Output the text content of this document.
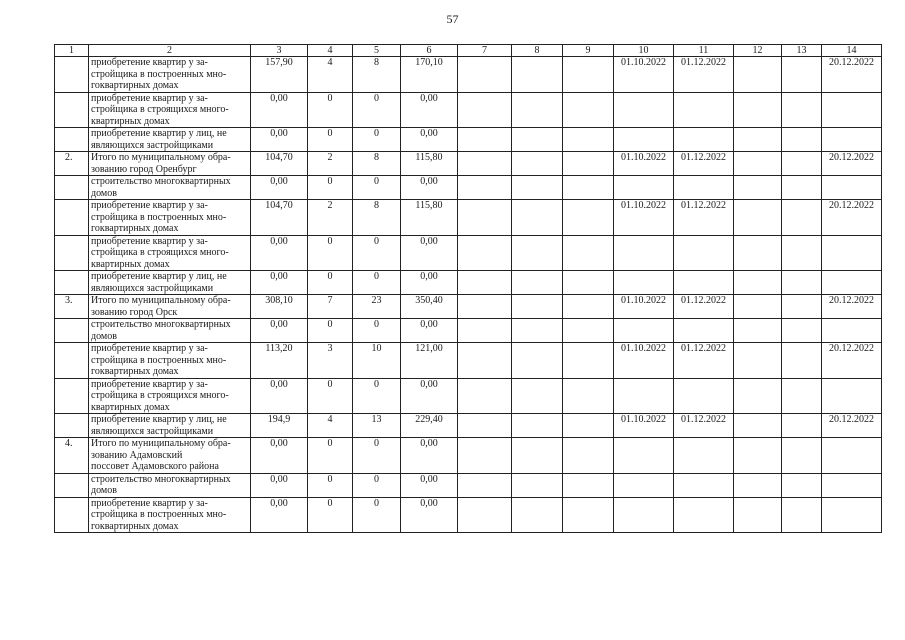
57
1	2	3	4	5	6	7	8	9	10	11	12	13	14
	приобретение квартир у за-
стройщика в построенных мно-
гоквартирных домах	157,90	4	8	170,10				01.10.2022	01.12.2022			20.12.2022
	приобретение квартир у за-
стройщика в строящихся много-
квартирных домах	0,00	0	0	0,00								
	приобретение квартир у лиц, не
являющихся застройщиками	0,00	0	0	0,00								
2.	Итого по муниципальному обра-
зованию город Оренбург	104,70	2	8	115,80				01.10.2022	01.12.2022			20.12.2022
	строительство многоквартирных
домов	0,00	0	0	0,00								
	приобретение квартир у за-
стройщика в построенных мно-
гоквартирных домах	104,70	2	8	115,80				01.10.2022	01.12.2022			20.12.2022
	приобретение квартир у за-
стройщика в строящихся много-
квартирных домах	0,00	0	0	0,00								
	приобретение квартир у лиц, не
являющихся застройщиками	0,00	0	0	0,00								
3.	Итого по муниципальному обра-
зованию город Орск	308,10	7	23	350,40				01.10.2022	01.12.2022			20.12.2022
	строительство многоквартирных
домов	0,00	0	0	0,00								
	приобретение квартир у за-
стройщика в построенных мно-
гоквартирных домах	113,20	3	10	121,00				01.10.2022	01.12.2022			20.12.2022
	приобретение квартир у за-
стройщика в строящихся много-
квартирных домах	0,00	0	0	0,00								
	приобретение квартир у лиц, не
являющихся застройщиками	194,9	4	13	229,40				01.10.2022	01.12.2022			20.12.2022
4.	Итого по муниципальному обра-
зованию Адамовский
поссовет Адамовского района	0,00	0	0	0,00								
	строительство многоквартирных
домов	0,00	0	0	0,00								
	приобретение квартир у за-
стройщика в построенных мно-
гоквартирных домах	0,00	0	0	0,00								
